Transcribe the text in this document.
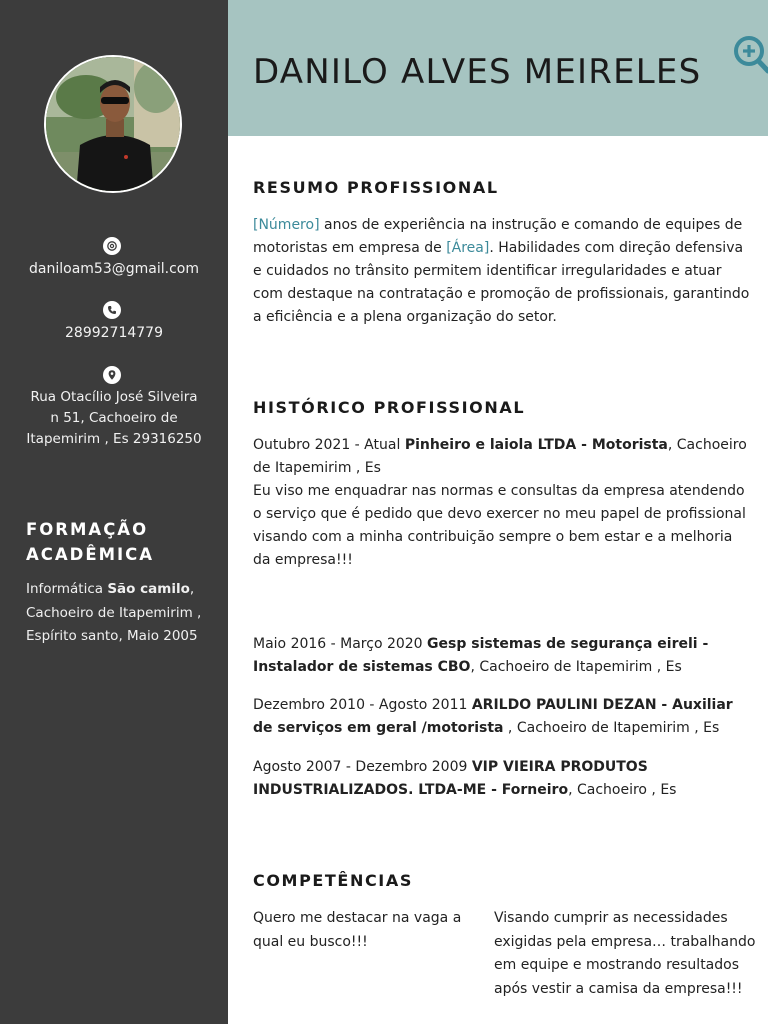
daniloam53@gmail.com
28992714779
Rua Otacílio José Silveira
n 51, Cachoeiro de
Itapemirim , Es 29316250
FORMAÇÃO
ACADÊMICA
Informática São camilo,
Cachoeiro de Itapemirim ,
Espírito santo, Maio 2005
DANILO ALVES MEIRELES
RESUMO PROFISSIONAL
[Número] anos de experiência na instrução e comando de equipes de motoristas em empresa de [Área]. Habilidades com direção defensiva e cuidados no trânsito permitem identificar irregularidades e atuar com destaque na contratação e promoção de profissionais, garantindo a eficiência e a plena organização do setor.
HISTÓRICO PROFISSIONAL
Outubro 2021 - Atual Pinheiro e laiola LTDA - Motorista, Cachoeiro de Itapemirim , Es
Eu viso me enquadrar nas normas e consultas da empresa atendendo o serviço que é pedido que devo exercer no meu papel de profissional visando com a minha contribuição sempre o bem estar e a melhoria da empresa!!!
Maio 2016 - Março 2020 Gesp sistemas de segurança eireli - Instalador de sistemas CBO, Cachoeiro de Itapemirim , Es
Dezembro 2010 - Agosto 2011 ARILDO PAULINI DEZAN - Auxiliar de serviços em geral /motorista , Cachoeiro de Itapemirim , Es
Agosto 2007 - Dezembro 2009 VIP VIEIRA PRODUTOS INDUSTRIALIZADOS. LTDA-ME - Forneiro, Cachoeiro , Es
COMPETÊNCIAS
Quero me destacar na vaga a qual eu busco!!!
Visando cumprir as necessidades exigidas pela empresa… trabalhando em equipe e mostrando resultados após vestir a camisa da empresa!!!
